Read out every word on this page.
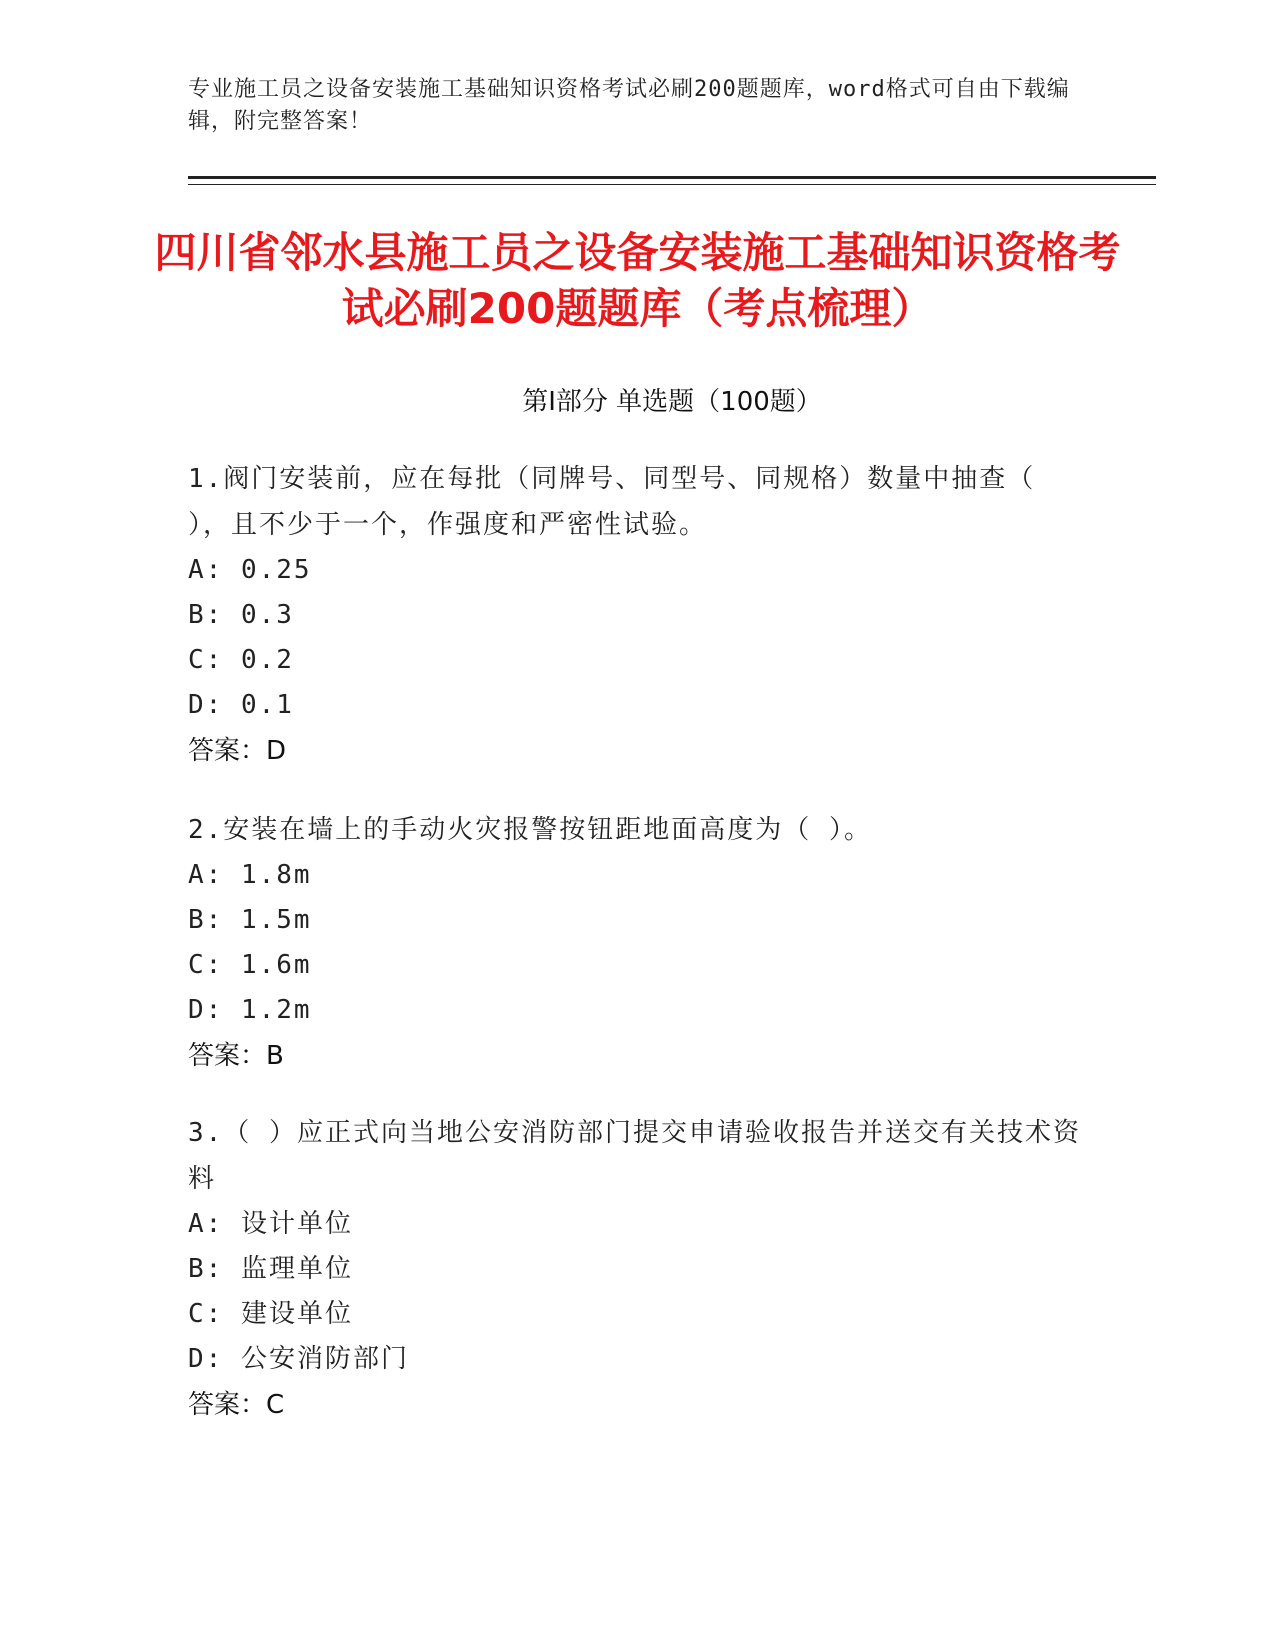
专业施工员之设备安装施工基础知识资格考试必刷200题题库，word格式可自由下载编辑，附完整答案！
四川省邻水县施工员之设备安装施工基础知识资格考试必刷200题题库（考点梳理）
第Ⅰ部分 单选题（100题）

1.阀门安装前，应在每批（同牌号、同型号、同规格）数量中抽查（ ），且不少于一个，作强度和严密性试验。

A: 0.25

B: 0.3

C: 0.2

D: 0.1

答案：D

2.安装在墙上的手动火灾报警按钮距地面高度为（ ）。

A: 1.8m

B: 1.5m

C: 1.6m

D: 1.2m

答案：B

3.（ ）应正式向当地公安消防部门提交申请验收报告并送交有关技术资料

A: 设计单位

B: 监理单位

C: 建设单位

D: 公安消防部门

答案：C
